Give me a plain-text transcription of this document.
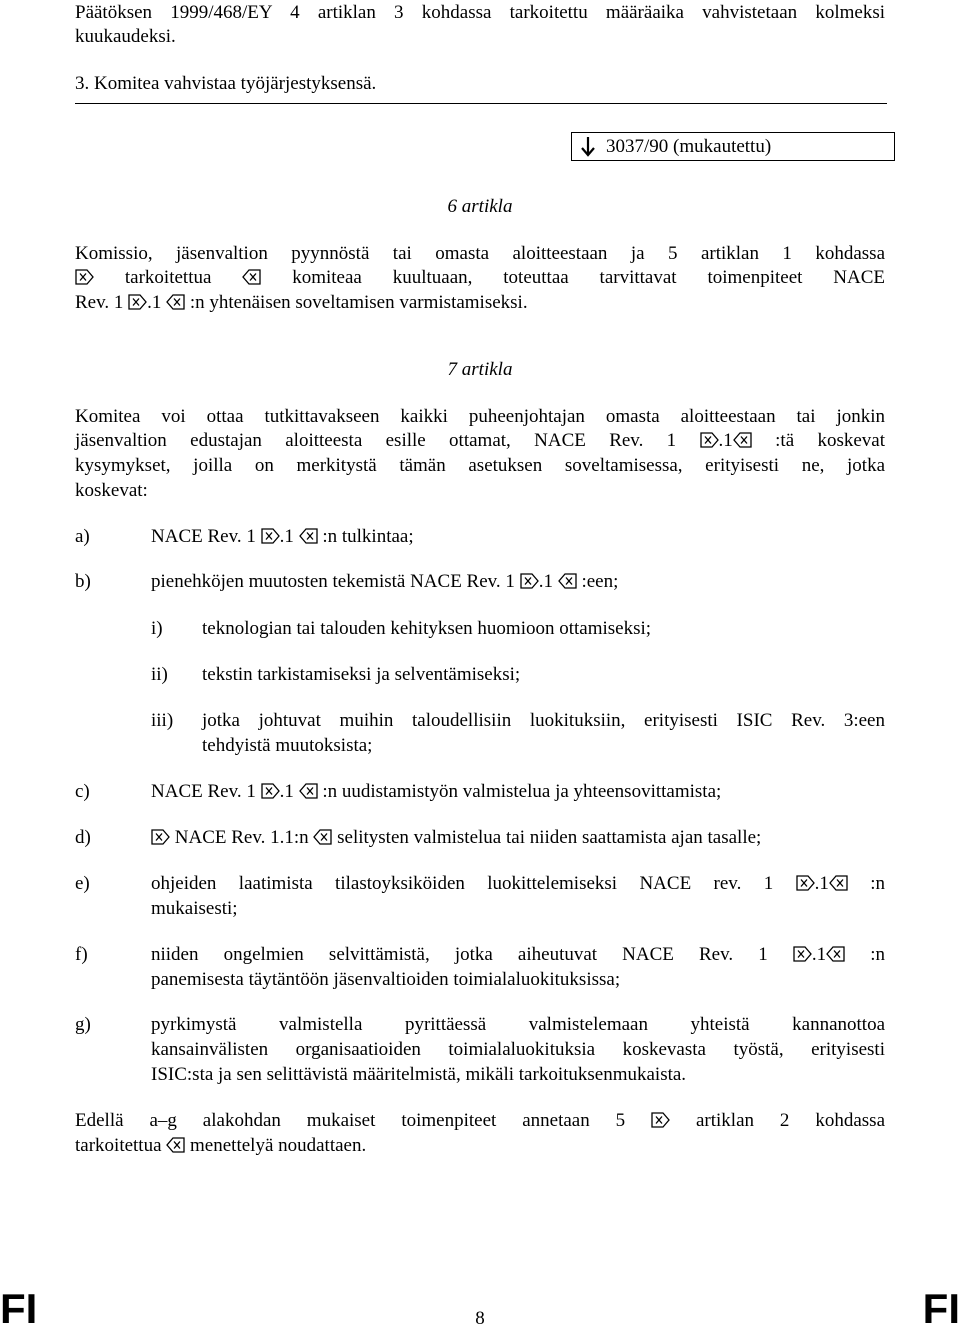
Päätöksen 1999/468/EY 4 artiklan 3 kohdassa tarkoitettu määräaika vahvistetaan kolmeksi
kuukaudeksi.
3. Komitea vahvistaa työjärjestyksensä.
3037/90 (mukautettu)
6 artikla
Komissio, jäsenvaltion pyynnöstä tai omasta aloitteestaan ja 5 artiklan 1 kohdassa
tarkoitettua	komiteaa kuultuaan, toteuttaa tarvittavat toimenpiteet NACE
Rev. 1 .1 :n yhtenäisen soveltamisen varmistamiseksi.
7 artikla
Komitea voi ottaa tutkittavakseen kaikki puheenjohtajan omasta aloitteestaan tai jonkin
jäsenvaltion edustajan aloitteesta esille ottamat, NACE Rev. 1 .1 :tä koskevat
kysymykset, joilla on merkitystä tämän asetuksen soveltamisessa, erityisesti ne, jotka
koskevat:
a)	NACE Rev. 1 .1 :n tulkintaa;
b)	pienehköjen muutosten tekemistä NACE Rev. 1 .1 :een;
i) teknologian tai talouden kehityksen huomioon ottamiseksi;
ii) tekstin tarkistamiseksi ja selventämiseksi;
iii) jotka johtuvat muihin taloudellisiin luokituksiin, erityisesti ISIC Rev. 3:een
tehdyistä muutoksista;
c)	NACE Rev. 1 .1 :n uudistamistyön valmistelua ja yhteensovittamista;
d)	NACE Rev. 1.1:n selitysten valmistelua tai niiden saattamista ajan tasalle;
e)	ohjeiden laatimista tilastoyksiköiden luokittelemiseksi NACE rev. 1 .1 :n
mukaisesti;
f)	niiden ongelmien selvittämistä, jotka aiheutuvat NACE Rev. 1 .1 :n
panemisesta täytäntöön jäsenvaltioiden toimialaluokituksissa;
g)	pyrkimystä valmistella pyrittäessä valmistelemaan yhteistä kannanottoa
kansainvälisten organisaatioiden toimialaluokituksia koskevasta työstä, erityisesti
ISIC:sta ja sen selittävistä määritelmistä, mikäli tarkoituksenmukaista.
Edellä a–g alakohdan mukaiset toimenpiteet annetaan 5	artiklan 2 kohdassa
tarkoitettua menettelyä noudattaen.
FI	8	FI
